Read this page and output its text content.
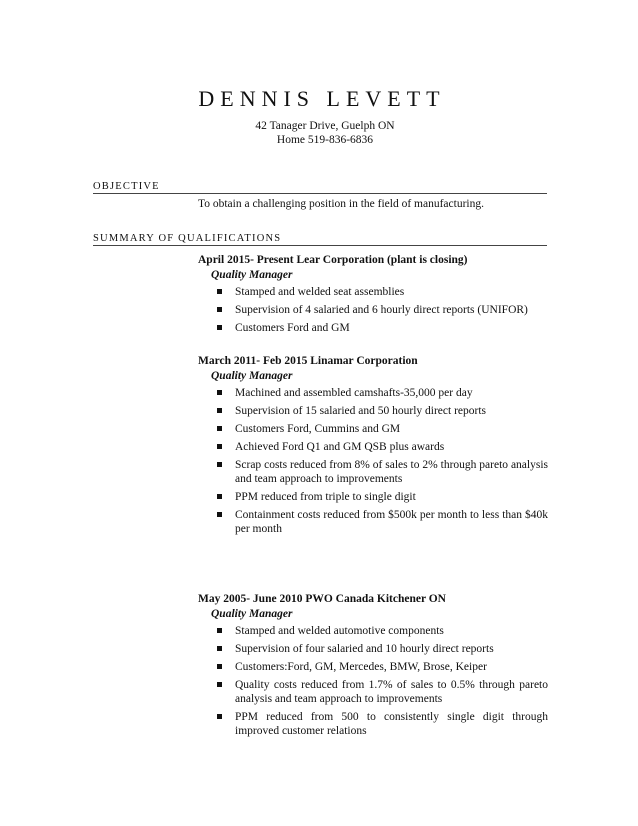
DENNIS LEVETT
42 Tanager Drive, Guelph ON
Home 519-836-6836
OBJECTIVE
To obtain a challenging position in the field of manufacturing.
SUMMARY OF QUALIFICATIONS
April 2015- Present Lear Corporation (plant is closing)
Quality Manager
Stamped and welded seat assemblies
Supervision of 4 salaried and 6 hourly direct reports (UNIFOR)
Customers Ford and GM
March 2011- Feb 2015 Linamar Corporation
Quality Manager
Machined and assembled camshafts-35,000 per day
Supervision of 15 salaried and 50 hourly direct reports
Customers Ford, Cummins and GM
Achieved Ford Q1 and GM QSB plus awards
Scrap costs reduced from 8% of sales to 2% through pareto analysis and team approach to improvements
PPM reduced from triple to single digit
Containment costs reduced from $500k per month to less than $40k per month
May 2005- June 2010 PWO Canada Kitchener ON
Quality Manager
Stamped and welded automotive components
Supervision of four salaried and 10 hourly direct reports
Customers:Ford, GM, Mercedes, BMW, Brose, Keiper
Quality costs reduced from 1.7% of sales to 0.5% through pareto analysis and team approach to improvements
PPM reduced from 500 to consistently single digit through improved customer relations
